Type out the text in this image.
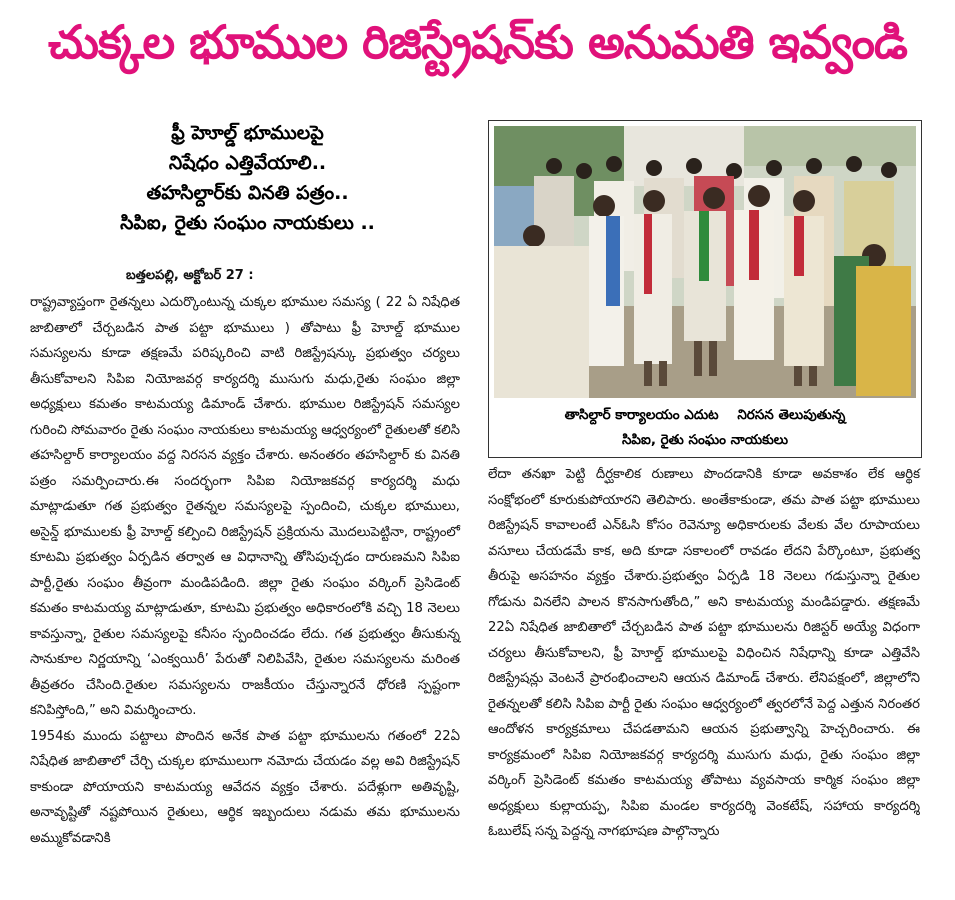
చుక్కల భూముల రిజిస్ట్రేషన్‌కు అనుమతి ఇవ్వండి
ఫ్రీ హెూల్డ్ భూములపై
నిషేధం ఎత్తివేయాలి..
తహసిల్దార్‌కు వినతి పత్రం..
సిపిఐ, రైతు సంఘం నాయకులు ..
బత్తలపల్లి, అక్టోబర్ 27 :

రాష్ట్రవ్యాప్తంగా రైతన్నలు ఎదుర్కొంటున్న చుక్కల భూముల సమస్య ( 22 ఏ నిషేధిత జాబితాలో చేర్చబడిన పాత పట్టా భూములు ) తోపాటు ఫ్రీ హెూల్డ్ భూముల సమస్యలను కూడా తక్షణమే పరిష్కరించి వాటి రిజిస్ట్రేషన్కు ప్రభుత్వం చర్యలు తీసుకోవాలని సిపిఐ నియోజవర్గ కార్యదర్శి ముసుగు మధు,రైతు సంఘం జిల్లా అధ్యక్షులు కమతం కాటమయ్య డిమాండ్ చేశారు. భూముల రిజిస్ట్రేషన్ సమస్యల గురించి సోమవారం రైతు సంఘం నాయకులు కాటమయ్య ఆధ్వర్యంలో రైతులతో కలిసి తహసిల్దార్ కార్యాలయం వద్ద నిరసన వ్యక్తం చేశారు. అనంతరం తహసిల్దార్ కు వినతి పత్రం సమర్పించారు.ఈ సందర్భంగా సిపిఐ నియోజకవర్గ కార్యదర్శి మధు మాట్లాడుతూ గత ప్రభుత్వం రైతన్నల సమస్యలపై స్పందించి, చుక్కల భూములు, అసైన్డ్ భూములకు ఫ్రీ హెూల్డ్ కల్పించి రిజిస్ట్రేషన్ ప్రక్రియను మొదలుపెట్టినా, రాష్ట్రంలో కూటమి ప్రభుత్వం ఏర్పడిన తర్వాత ఆ విధానాన్ని తోసిపుచ్చడం దారుణమని సిపిఐ పార్టీ,రైతు సంఘం తీవ్రంగా మండిపడింది. జిల్లా రైతు సంఘం వర్కింగ్ ప్రెసిడెంట్ కమతం కాటమయ్య మాట్లాడుతూ, కూటమి ప్రభుత్వం అధికారంలోకి వచ్చి 18 నెలలు కావస్తున్నా, రైతుల సమస్యలపై కనీసం స్పందించడం లేదు. గత ప్రభుత్వం తీసుకున్న సానుకూల నిర్ణయాన్ని ‘ఎంక్వయిరీ’ పేరుతో నిలిపివేసి, రైతుల సమస్యలను మరింత తీవ్రతరం చేసింది.రైతుల సమస్యలను రాజకీయం చేస్తున్నారనే ధోరణి స్పష్టంగా కనిపిస్తోంది,” అని విమర్శించారు.

1954కు ముందు పట్టాలు పొందిన అనేక పాత పట్టా భూములను గతంలో 22ఏ నిషేధిత జాబితాలో చేర్చి చుక్కల భూములుగా నమోదు చేయడం వల్ల అవి రిజిస్ట్రేషన్ కాకుండా పోయాయని కాటమయ్య ఆవేదన వ్యక్తం చేశారు. పదేళ్లుగా అతివృష్టి, అనావృష్టితో నష్టపోయిన రైతులు, ఆర్థిక ఇబ్బందులు నడుమ తమ భూములను అమ్ముకోవడానికి

తాసిల్దార్ కార్యాలయం ఎదుట    నిరసన తెలుపుతున్న
సిపిఐ, రైతు సంఘం నాయకులు

లేదా తనఖా పెట్టి దీర్ఘకాలిక రుణాలు పొందడానికి కూడా అవకాశం లేక ఆర్థిక సంక్షోభంలో కూరుకుపోయారని తెలిపారు. అంతేకాకుండా, తమ పాత పట్టా భూములు రిజిస్ట్రేషన్ కావాలంటే ఎన్ఓసి కోసం రెవెన్యూ అధికారులకు వేలకు వేల రూపాయలు వసూలు చేయడమే కాక, అది కూడా సకాలంలో రావడం లేదని పేర్కొంటూ, ప్రభుత్వ తీరుపై అసహనం వ్యక్తం చేశారు.ప్రభుత్వం ఏర్పడి 18 నెలలు గడుస్తున్నా రైతుల గోడును వినలేని పాలన కొనసాగుతోంది,” అని కాటమయ్య మండిపడ్డారు. తక్షణమే 22ఏ నిషేధిత జాబితాలో చేర్చబడిన పాత పట్టా భూములను రిజిస్టర్ అయ్యే విధంగా చర్యలు తీసుకోవాలని, ఫ్రీ హెూల్డ్ భూములపై విధించిన నిషేధాన్ని కూడా ఎత్తివేసి రిజిస్ట్రేషన్లు వెంటనే ప్రారంభించాలని ఆయన డిమాండ్ చేశారు. లేనిపక్షంలో, జిల్లాలోని రైతన్నలతో కలిసి సిపిఐ పార్టీ రైతు సంఘం ఆధ్వర్యంలో త్వరలోనే పెద్ద ఎత్తున నిరంతర ఆందోళన కార్యక్రమాలు చేపడతామని ఆయన ప్రభుత్వాన్ని హెచ్చరించారు. ఈ కార్యక్రమంలో సిపిఐ నియోజకవర్గ కార్యదర్శి ముసుగు మధు, రైతు సంఘం జిల్లా వర్కింగ్ ప్రెసిడెంట్ కమతం కాటమయ్య తోపాటు వ్యవసాయ కార్మిక సంఘం జిల్లా అధ్యక్షులు కుల్లాయప్ప, సిపిఐ మండల కార్యదర్శి వెంకటేష్, సహాయ కార్యదర్శి ఓబులేష్ సన్న పెద్దన్న నాగభూషణ పాల్గొన్నారు
